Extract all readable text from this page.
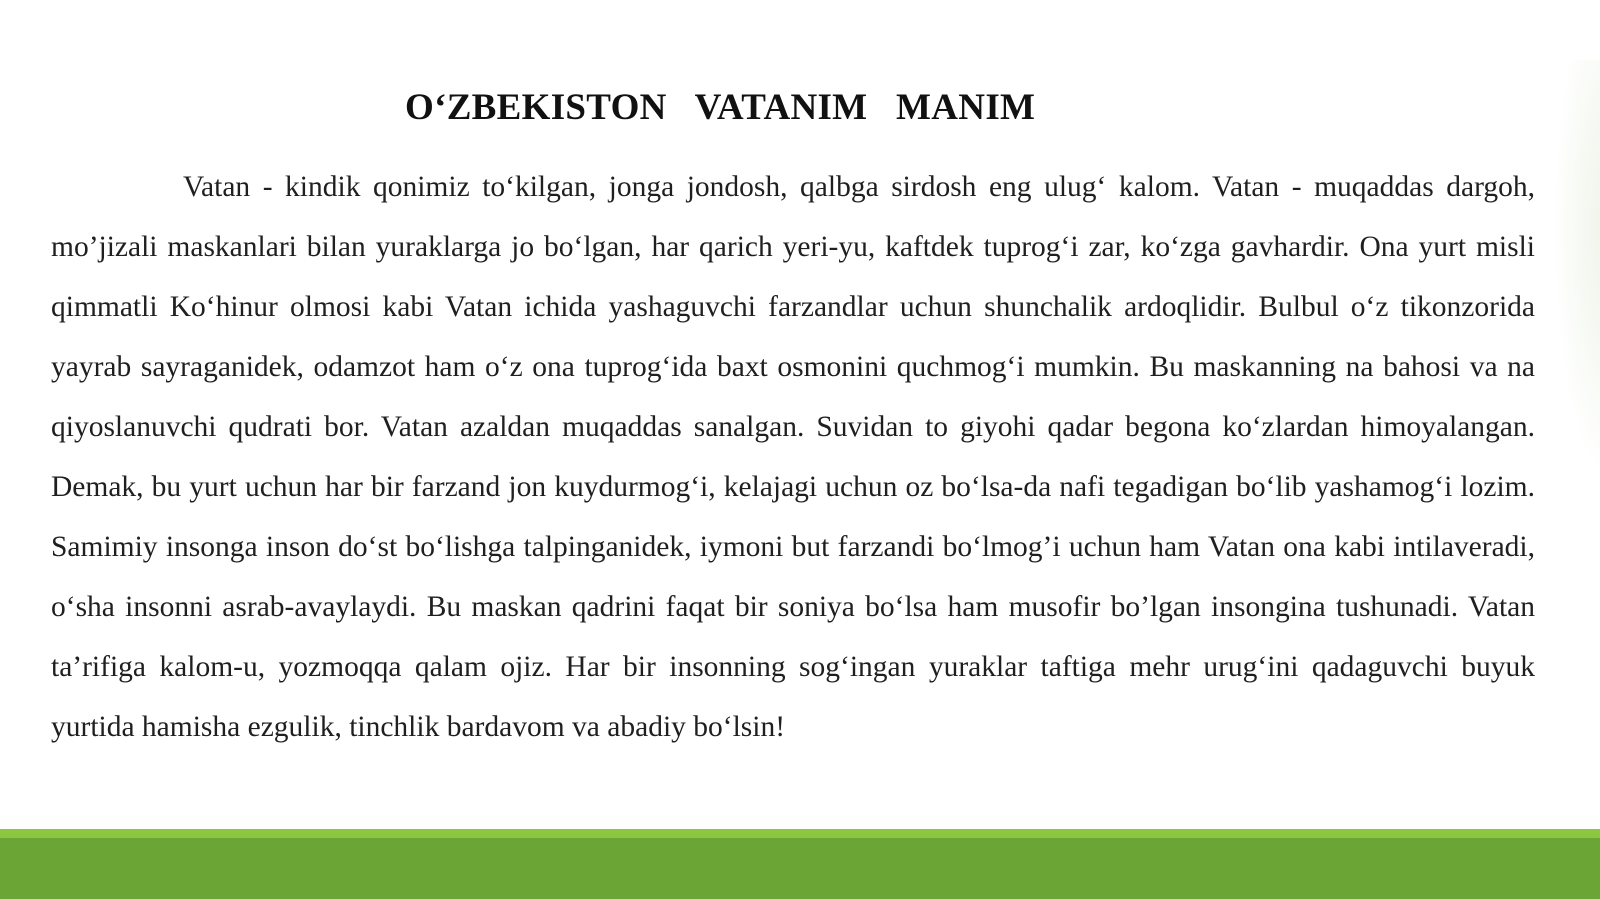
O‘ZBEKISTON   VATANIM   MANIM

Vatan - kindik qonimiz to‘kilgan, jonga jondosh, qalbga sirdosh eng ulug‘ kalom. Vatan - muqaddas dargoh, mo’jizali maskanlari bilan yuraklarga jo bo‘lgan, har qarich yeri-yu, kaftdek tuprog‘i zar, ko‘zga gavhardir. Ona yurt misli qimmatli Ko‘hinur olmosi kabi Vatan ichida yashaguvchi farzandlar uchun shunchalik ardoqlidir. Bulbul o‘z tikonzorida yayrab sayraganidek, odamzot ham o‘z ona tuprog‘ida baxt osmonini quchmog‘i mumkin. Bu maskanning na bahosi va na qiyoslanuvchi qudrati bor. Vatan azaldan muqaddas sanalgan. Suvidan to giyohi qadar begona ko‘zlardan himoyalangan. Demak, bu yurt uchun har bir farzand jon kuydurmog‘i, kelajagi uchun oz bo‘lsa-da nafi tegadigan bo‘lib yashamog‘i lozim. Samimiy insonga inson do‘st bo‘lishga talpinganidek, iymoni but farzandi bo‘lmog’i uchun ham Vatan ona kabi intilaveradi, o‘sha insonni asrab-avaylaydi. Bu maskan qadrini faqat bir soniya bo‘lsa ham musofir bo’lgan insongina tushunadi. Vatan ta’rifiga kalom-u, yozmoqqa qalam ojiz. Har bir insonning sog‘ingan yuraklar taftiga mehr urug‘ini qadaguvchi buyuk yurtida hamisha ezgulik, tinchlik bardavom va abadiy bo‘lsin!
